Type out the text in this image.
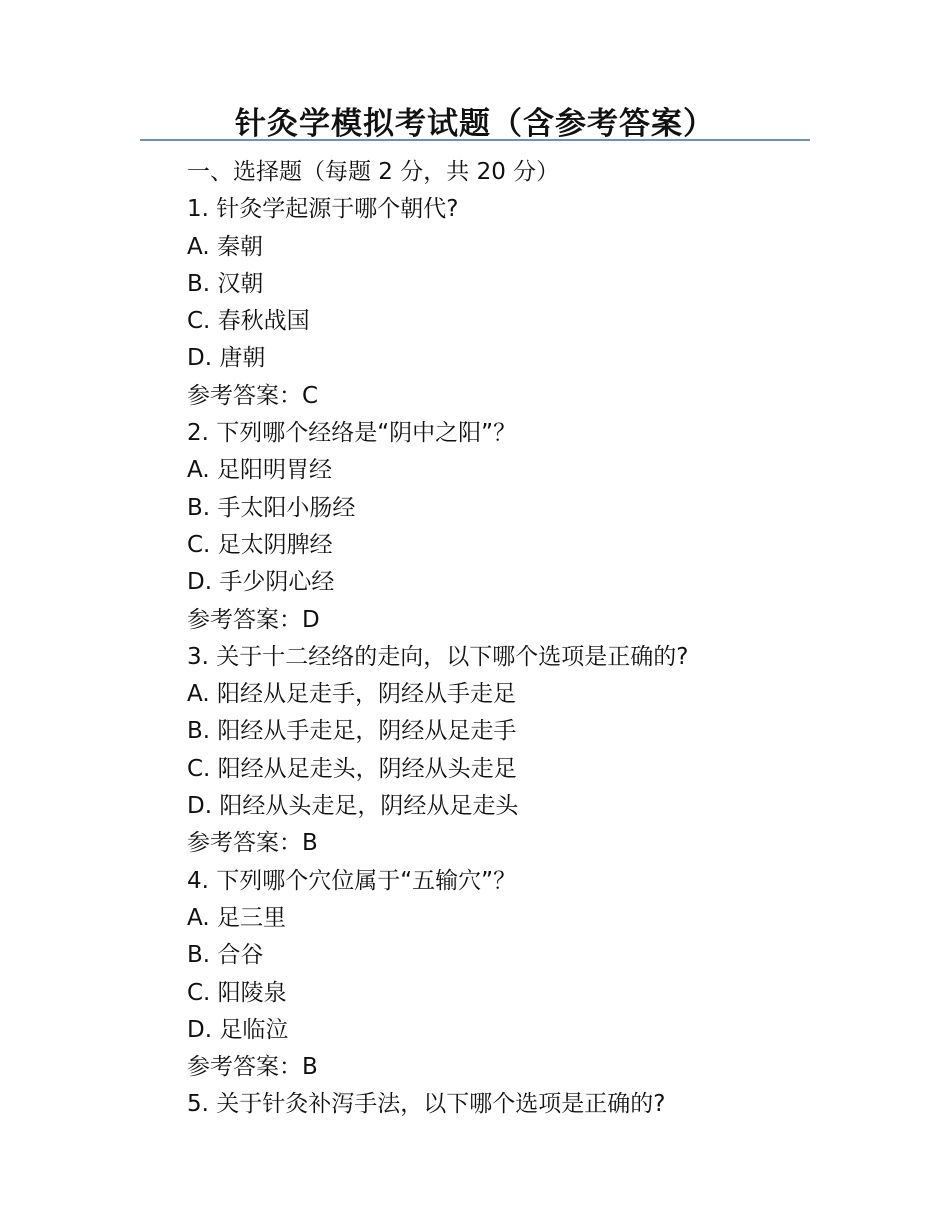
针灸学模拟考试题（含参考答案）

一、选择题（每题 2 分，共 20 分）

1. 针灸学起源于哪个朝代?

A. 秦朝

B. 汉朝

C. 春秋战国

D. 唐朝

参考答案：C

2. 下列哪个经络是“阴中之阳”？

A. 足阳明胃经

B. 手太阳小肠经

C. 足太阴脾经

D. 手少阴心经

参考答案：D

3. 关于十二经络的走向，以下哪个选项是正确的?

A. 阳经从足走手，阴经从手走足

B. 阳经从手走足，阴经从足走手

C. 阳经从足走头，阴经从头走足

D. 阳经从头走足，阴经从足走头

参考答案：B

4. 下列哪个穴位属于“五输穴”？

A. 足三里

B. 合谷

C. 阳陵泉

D. 足临泣

参考答案：B

5. 关于针灸补泻手法，以下哪个选项是正确的?
